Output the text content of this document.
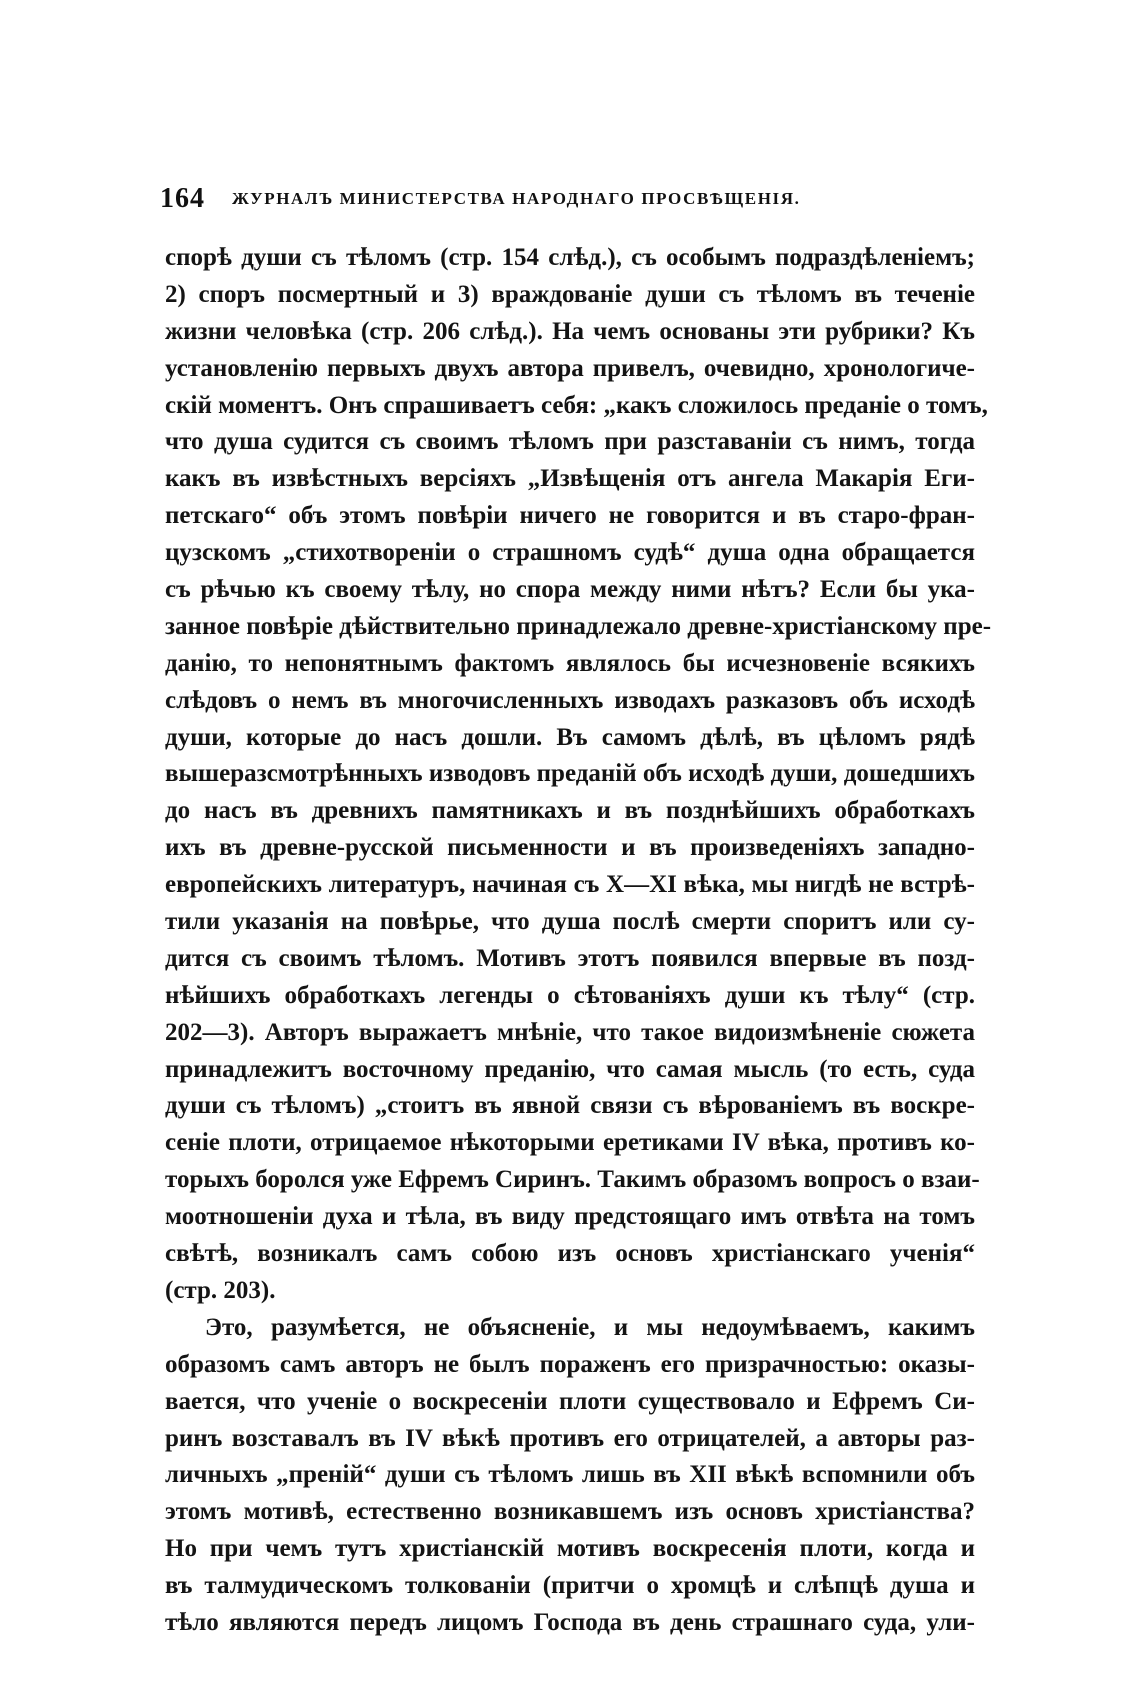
164 ЖУРНАЛЪ МИНИСТЕРСТВА НАРОДНАГО ПРОСВѢЩЕНІЯ.
спорѣ души съ тѣломъ (стр. 154 слѣд.), съ особымъ подраздѣленіемъ;
2) споръ посмертный и 3) враждованіе души съ тѣломъ въ теченіе
жизни человѣка (стр. 206 слѣд.). На чемъ основаны эти рубрики? Къ
установленію первыхъ двухъ автора привелъ, очевидно, хронологиче-
скій моментъ. Онъ спрашиваетъ себя: „какъ сложилось преданіе о томъ,
что душа судится съ своимъ тѣломъ при разставаніи съ нимъ, тогда
какъ въ извѣстныхъ версіяхъ „Извѣщенія отъ ангела Макарія Еги-
петскаго“ объ этомъ повѣріи ничего не говорится и въ старо-фран-
цузскомъ „стихотвореніи о страшномъ судѣ“ душа одна обращается
съ рѣчью къ своему тѣлу, но спора между ними нѣтъ? Если бы ука-
занное повѣріе дѣйствительно принадлежало древне-христіанскому пре-
данію, то непонятнымъ фактомъ являлось бы исчезновеніе всякихъ
слѣдовъ о немъ въ многочисленныхъ изводахъ разказовъ объ исходѣ
души, которые до насъ дошли. Въ самомъ дѣлѣ, въ цѣломъ рядѣ
вышеразсмотрѣнныхъ изводовъ преданій объ исходѣ души, дошедшихъ
до насъ въ древнихъ памятникахъ и въ позднѣйшихъ обработкахъ
ихъ въ древне-русской письменности и въ произведеніяхъ западно-
европейскихъ литературъ, начиная съ X—XI вѣка, мы нигдѣ не встрѣ-
тили указанія на повѣрье, что душа послѣ смерти споритъ или су-
дится съ своимъ тѣломъ. Мотивъ этотъ появился впервые въ позд-
нѣйшихъ обработкахъ легенды о сѣтованіяхъ души къ тѣлу“ (стр.
202—3). Авторъ выражаетъ мнѣніе, что такое видоизмѣненіе сюжета
принадлежитъ восточному преданію, что самая мысль (то есть, суда
души съ тѣломъ) „стоитъ въ явной связи съ вѣрованіемъ въ воскре-
сеніе плоти, отрицаемое нѣкоторыми еретиками IV вѣка, противъ ко-
торыхъ боролся уже Ефремъ Сиринъ. Такимъ образомъ вопросъ о взаи-
моотношеніи духа и тѣла, въ виду предстоящаго имъ отвѣта на томъ
свѣтѣ, возникалъ самъ собою изъ основъ христіанскаго ученія“
(стр. 203).
Это, разумѣется, не объясненіе, и мы недоумѣваемъ, какимъ
образомъ самъ авторъ не былъ пораженъ его призрачностью: оказы-
вается, что ученіе о воскресеніи плоти существовало и Ефремъ Си-
ринъ возставалъ въ IV вѣкѣ противъ его отрицателей, а авторы раз-
личныхъ „преній“ души съ тѣломъ лишь въ XII вѣкѣ вспомнили объ
этомъ мотивѣ, естественно возникавшемъ изъ основъ христіанства?
Но при чемъ тутъ христіанскій мотивъ воскресенія плоти, когда и
въ талмудическомъ толкованіи (притчи о хромцѣ и слѣпцѣ душа и
тѣло являются передъ лицомъ Господа въ день страшнаго суда, ули-
